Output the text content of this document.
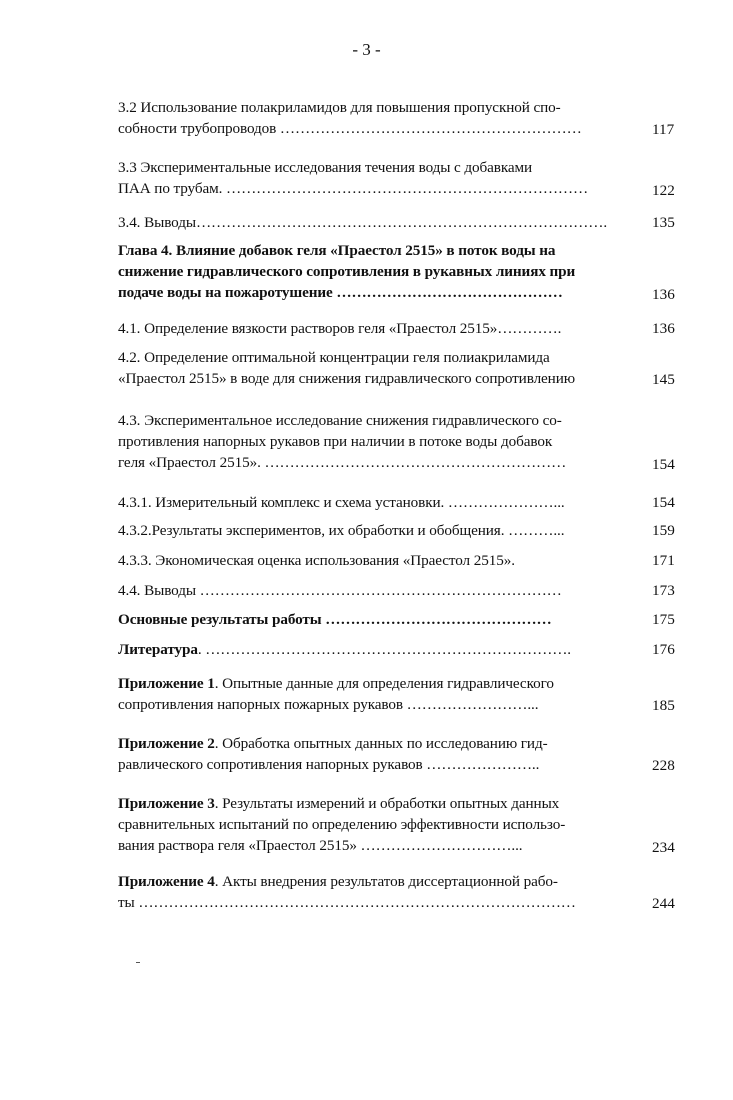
- 3 -
3.2 Использование полакриламидов для повышения пропускной спо-
собности трубопроводов ……………………………………………………	117
3.3 Экспериментальные исследования течения воды с добавками
ПАА по трубам. ………………………………………………………………	122
3.4. Выводы……………………………………………………………………….	135
Глава 4. Влияние добавок геля «Праестол 2515» в поток воды на
снижение гидравлического сопротивления в рукавных линиях при
подаче воды на пожаротушение ………………………………………	136
4.1. Определение вязкости растворов геля «Праестол 2515»………….	136
4.2. Определение оптимальной концентрации геля полиакриламида
«Праестол 2515» в воде для снижения гидравлического сопротивлению	145
4.3. Экспериментальное исследование снижения гидравлического со-
противления напорных рукавов при наличии в потоке воды добавок
геля «Праестол 2515». ……………………………………………………	154
4.3.1. Измерительный комплекс и схема установки. …………………...	154
4.3.2.Результаты экспериментов, их обработки и обобщения. ………...	159
4.3.3. Экономическая оценка использования «Праестол 2515».	171
4.4. Выводы ………………………………………………………………	173
Основные результаты работы ………………………………………	175
Литература. ……………………………………………………………….	176
Приложение 1. Опытные данные для определения гидравлического
сопротивления напорных пожарных рукавов ……………………...	185
Приложение 2. Обработка опытных данных по исследованию гид-
равлического сопротивления напорных рукавов …………………..	228
Приложение 3. Результаты измерений и обработки опытных данных
сравнительных испытаний по определению эффективности использо-
вания раствора геля «Праестол 2515» …………………………...	234
Приложение 4. Акты внедрения результатов диссертационной рабо-
ты ……………………………………………………………………………	244
